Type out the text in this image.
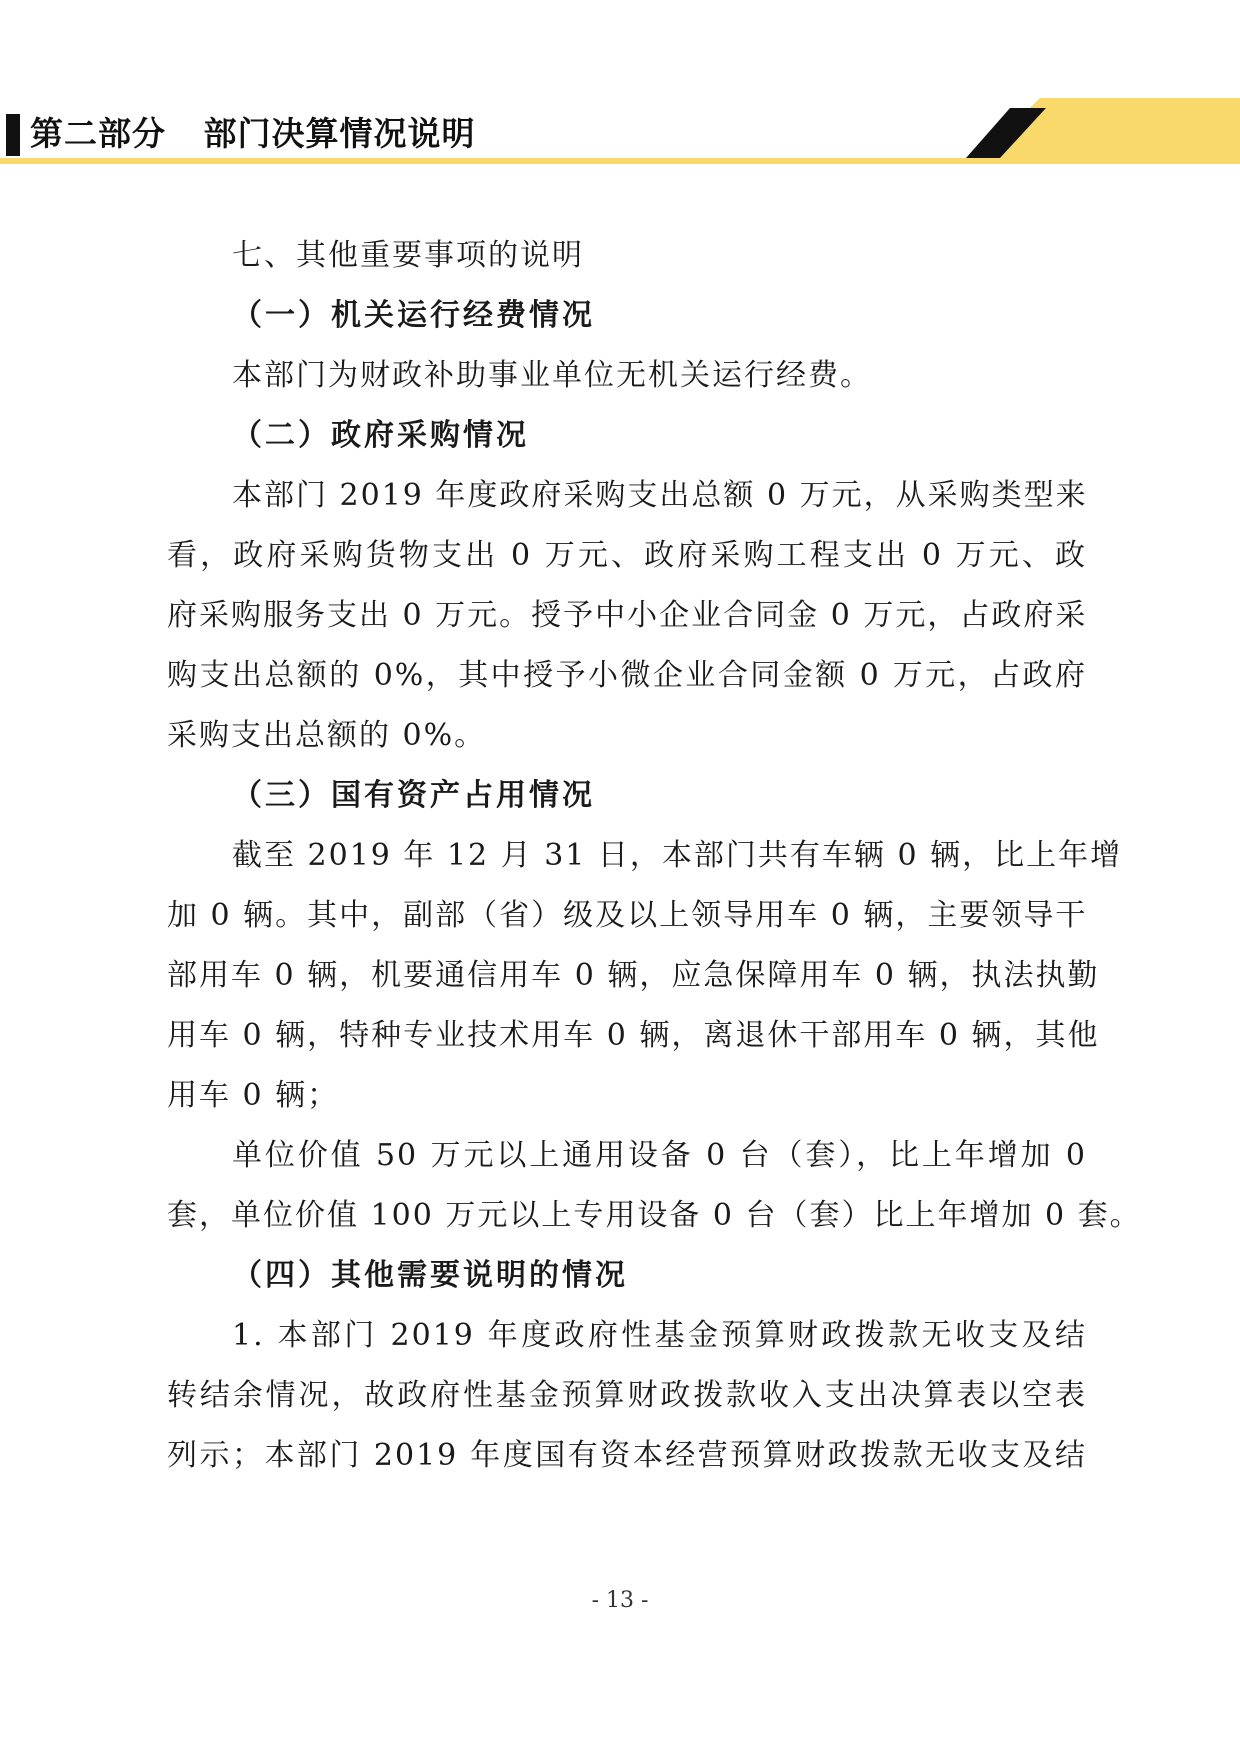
第二部分 部门决算情况说明
七、其他重要事项的说明
（一）机关运行经费情况
本部门为财政补助事业单位无机关运行经费。
（二）政府采购情况
本部门 2019 年度政府采购支出总额 0 万元，从采购类型来
看，政府采购货物支出 0 万元、政府采购工程支出 0 万元、政
府采购服务支出 0 万元。授予中小企业合同金 0 万元，占政府采
购支出总额的 0%，其中授予小微企业合同金额 0 万元，占政府
采购支出总额的 0%。
（三）国有资产占用情况
截至 2019 年 12 月 31 日，本部门共有车辆 0 辆，比上年增
加 0 辆。其中，副部（省）级及以上领导用车 0 辆，主要领导干
部用车 0 辆，机要通信用车 0 辆，应急保障用车 0 辆，执法执勤
用车 0 辆，特种专业技术用车 0 辆，离退休干部用车 0 辆，其他
用车 0 辆；
单位价值 50 万元以上通用设备 0 台（套），比上年增加 0
套，单位价值 100 万元以上专用设备 0 台（套）比上年增加 0 套。
（四）其他需要说明的情况
1. 本部门 2019 年度政府性基金预算财政拨款无收支及结
转结余情况，故政府性基金预算财政拨款收入支出决算表以空表
列示；本部门 2019 年度国有资本经营预算财政拨款无收支及结
- 13 -
